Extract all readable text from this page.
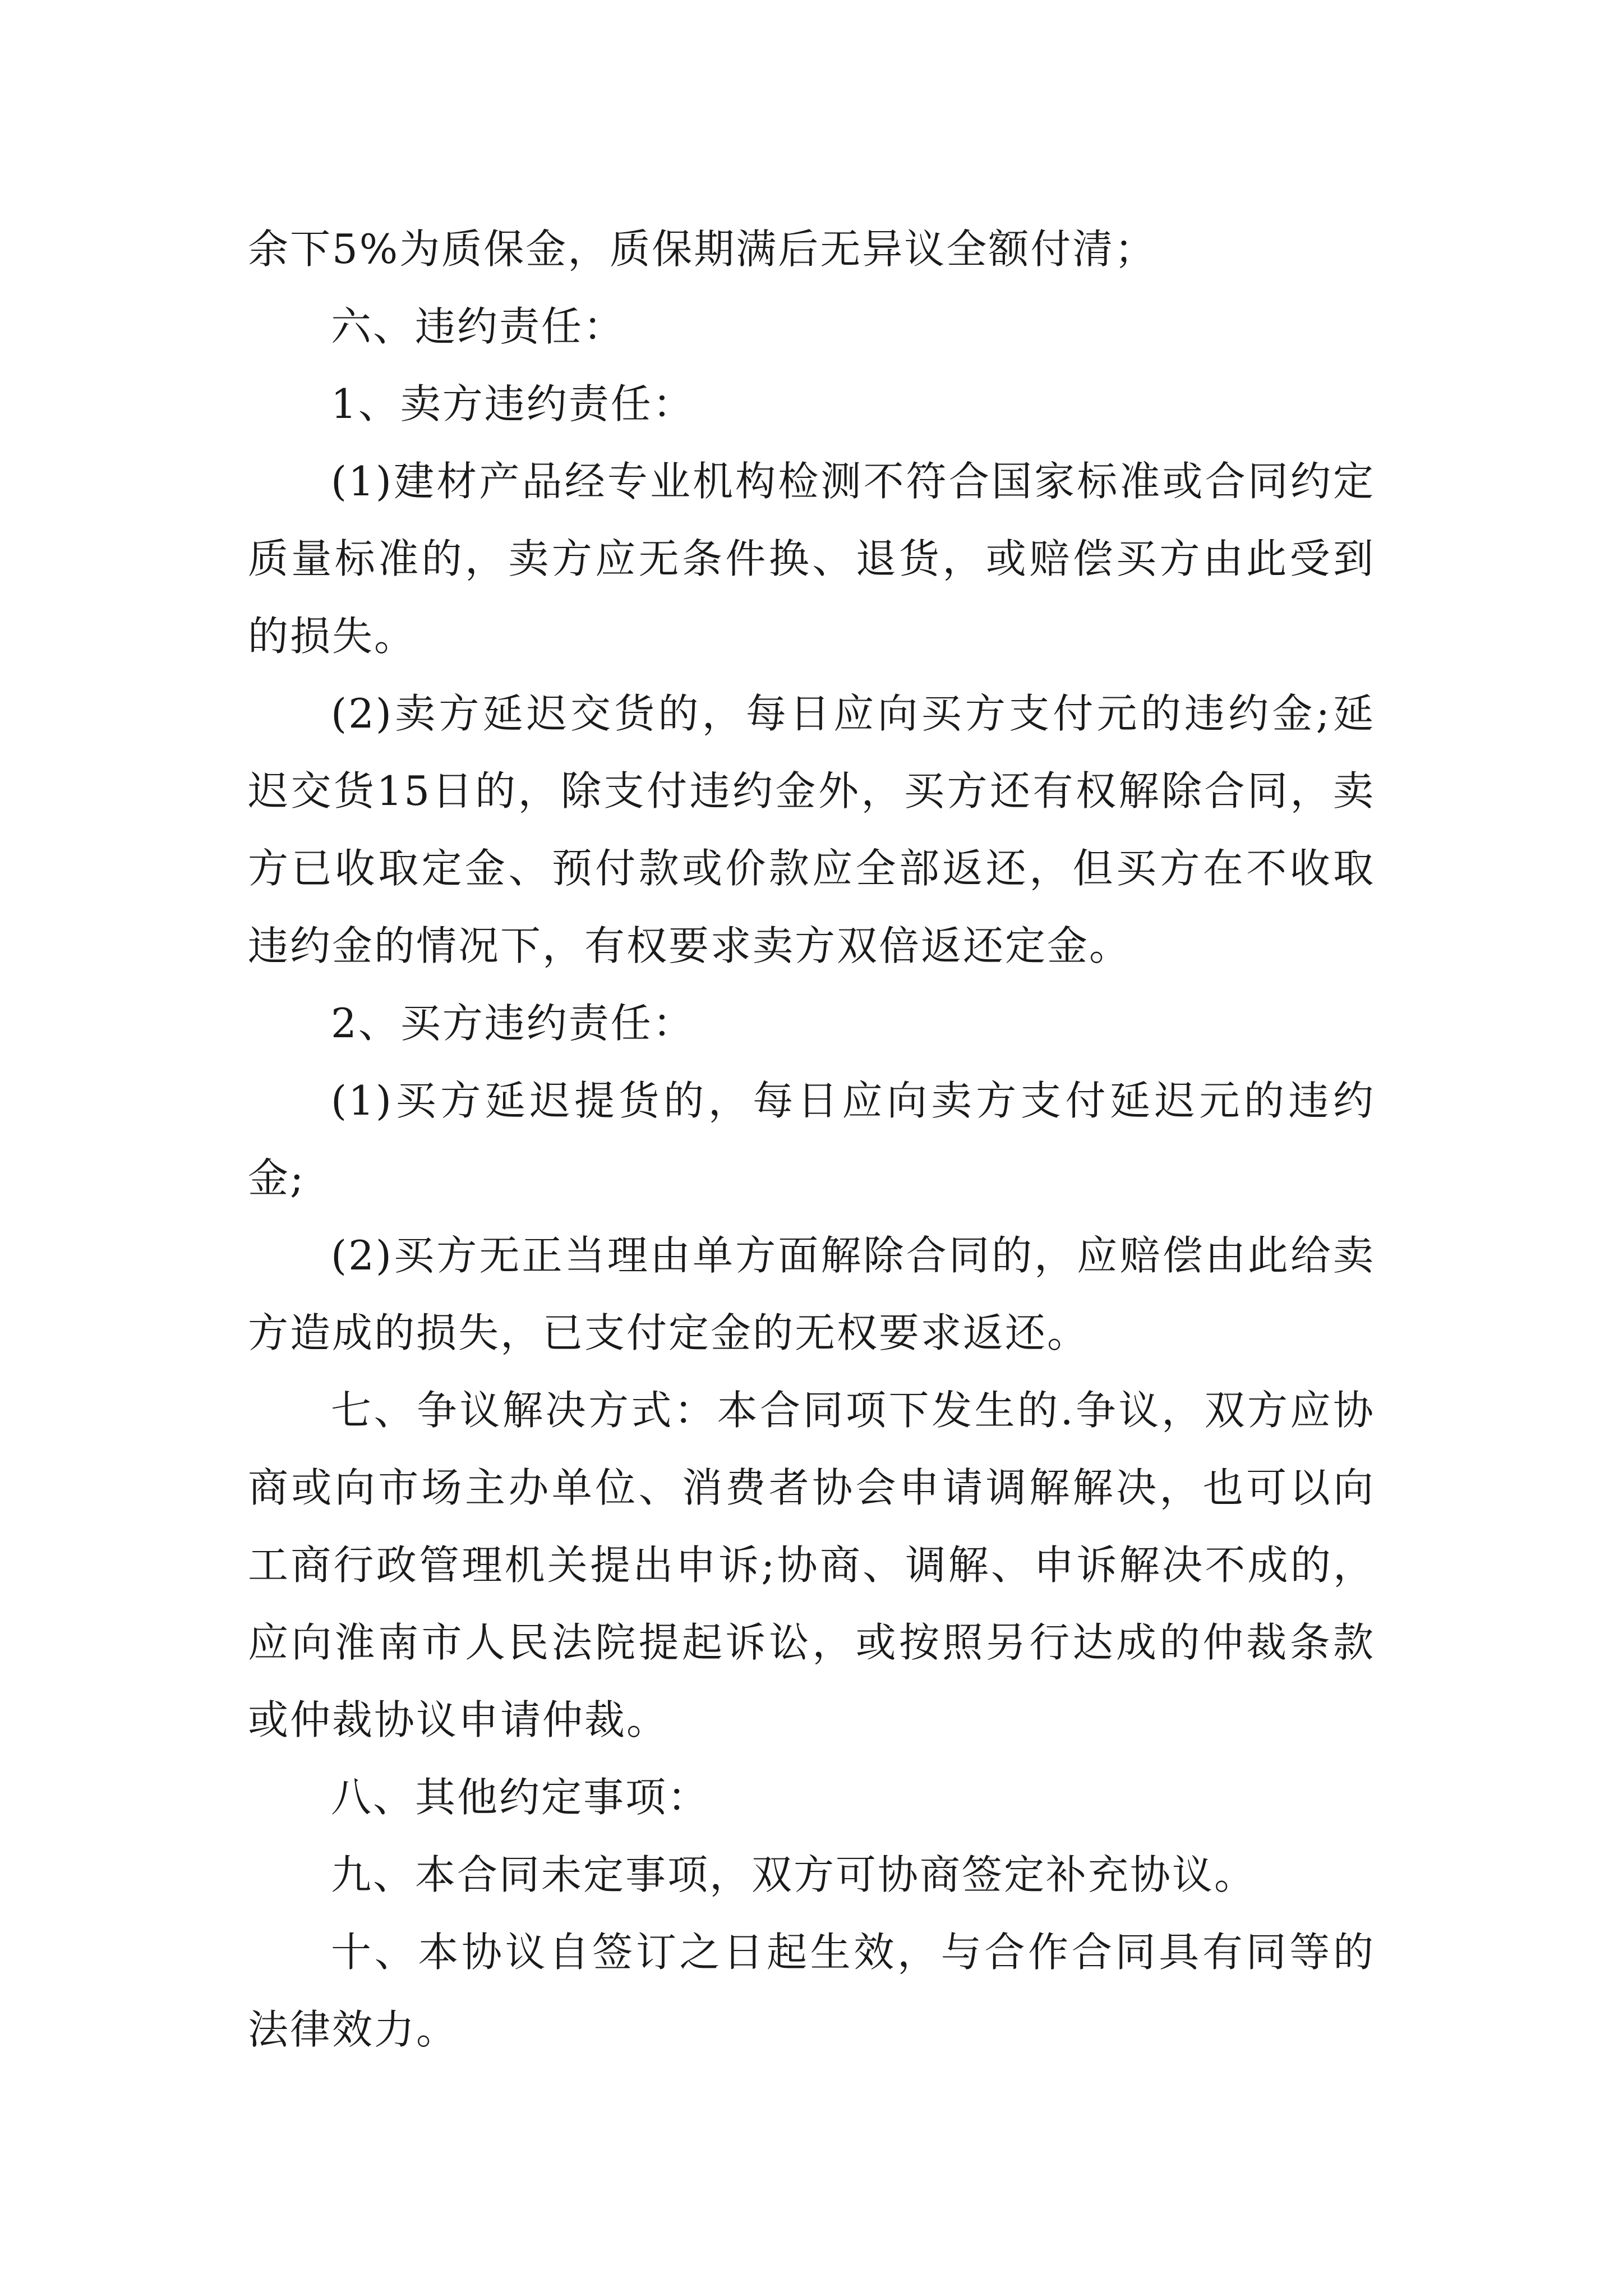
余下5%为质保金，质保期满后无异议全额付清；

六、违约责任：

1、卖方违约责任：

(1)建材产品经专业机构检测不符合国家标准或合同约定质量标准的，卖方应无条件换、退货，或赔偿买方由此受到的损失。

(2)卖方延迟交货的，每日应向买方支付元的违约金;延迟交货15日的，除支付违约金外，买方还有权解除合同，卖方已收取定金、预付款或价款应全部返还，但买方在不收取违约金的情况下，有权要求卖方双倍返还定金。

2、买方违约责任：

(1)买方延迟提货的，每日应向卖方支付延迟元的违约金;

(2)买方无正当理由单方面解除合同的，应赔偿由此给卖方造成的损失，已支付定金的无权要求返还。

七、争议解决方式：本合同项下发生的.争议，双方应协商或向市场主办单位、消费者协会申请调解解决，也可以向工商行政管理机关提出申诉;协商、调解、申诉解决不成的，应向淮南市人民法院提起诉讼，或按照另行达成的仲裁条款或仲裁协议申请仲裁。

八、其他约定事项：

九、本合同未定事项，双方可协商签定补充协议。

十、本协议自签订之日起生效，与合作合同具有同等的法律效力。
